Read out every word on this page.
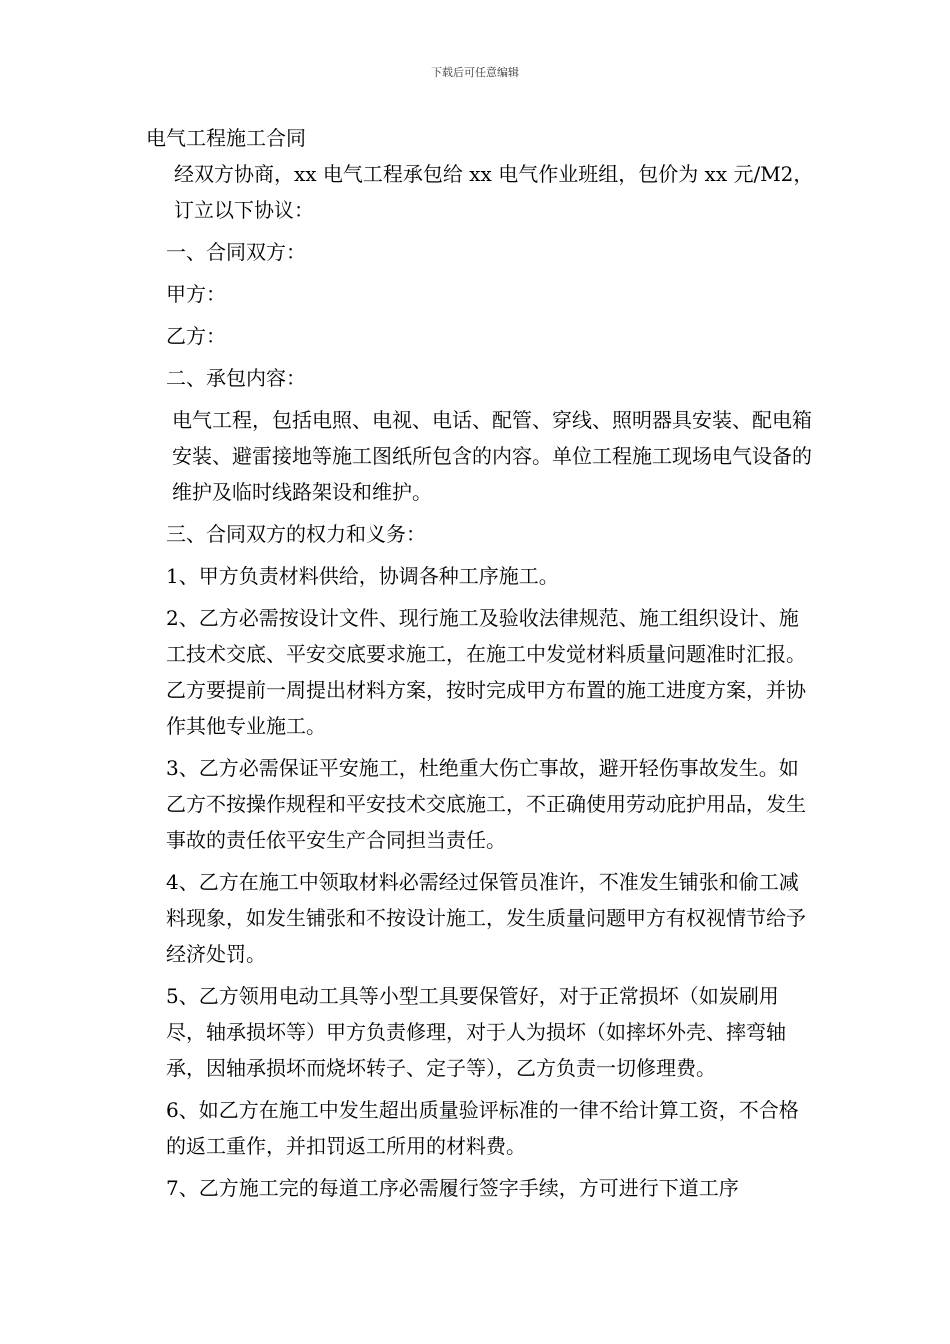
下载后可任意编辑
电气工程施工合同

经双方协商，xx 电气工程承包给 xx 电气作业班组，包价为 xx 元/M2，订立以下协议：

一、合同双方：

甲方：

乙方：

二、承包内容：

电气工程，包括电照、电视、电话、配管、穿线、照明器具安装、配电箱安装、避雷接地等施工图纸所包含的内容。单位工程施工现场电气设备的维护及临时线路架设和维护。

三、合同双方的权力和义务：

1、甲方负责材料供给，协调各种工序施工。

2、乙方必需按设计文件、现行施工及验收法律规范、施工组织设计、施工技术交底、平安交底要求施工，在施工中发觉材料质量问题准时汇报。乙方要提前一周提出材料方案，按时完成甲方布置的施工进度方案，并协作其他专业施工。

3、乙方必需保证平安施工，杜绝重大伤亡事故，避开轻伤事故发生。如乙方不按操作规程和平安技术交底施工，不正确使用劳动庇护用品，发生事故的责任依平安生产合同担当责任。

4、乙方在施工中领取材料必需经过保管员准许，不准发生铺张和偷工减料现象，如发生铺张和不按设计施工，发生质量问题甲方有权视情节给予经济处罚。

5、乙方领用电动工具等小型工具要保管好，对于正常损坏（如炭刷用尽，轴承损坏等）甲方负责修理，对于人为损坏（如摔坏外壳、摔弯轴承，因轴承损坏而烧坏转子、定子等），乙方负责一切修理费。

6、如乙方在施工中发生超出质量验评标准的一律不给计算工资，不合格的返工重作，并扣罚返工所用的材料费。

7、乙方施工完的每道工序必需履行签字手续，方可进行下道工序
